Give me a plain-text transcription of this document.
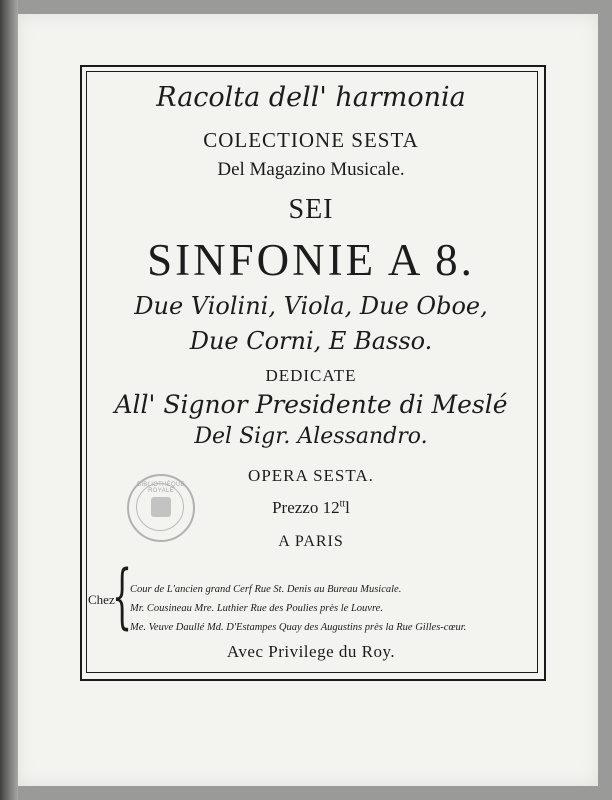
Racolta dell' harmonia
COLECTIONE SESTA
Del Magazino Musicale.
SEI
SINFONIE A 8.
Due Violini, Viola, Due Oboe,
Due Corni, E Basso.
DEDICATE
All' Signor Presidente di Meslé
Del Sigr. Alessandro.
OPERA SESTA.
Prezzo $12^{tt}l$
A PARIS
BIBLIOTHÈQUE ROYALE
Chez
{
Cour de L'ancien grand Cerf Rue St. Denis au Bureau Musicale.
Mr. Cousineau Mre. Luthier Rue des Poulies près le Louvre.
Me. Veuve Daullé Md. D'Estampes Quay des Augustins près la Rue Gilles-cœur.
Avec Privilege du Roy.
